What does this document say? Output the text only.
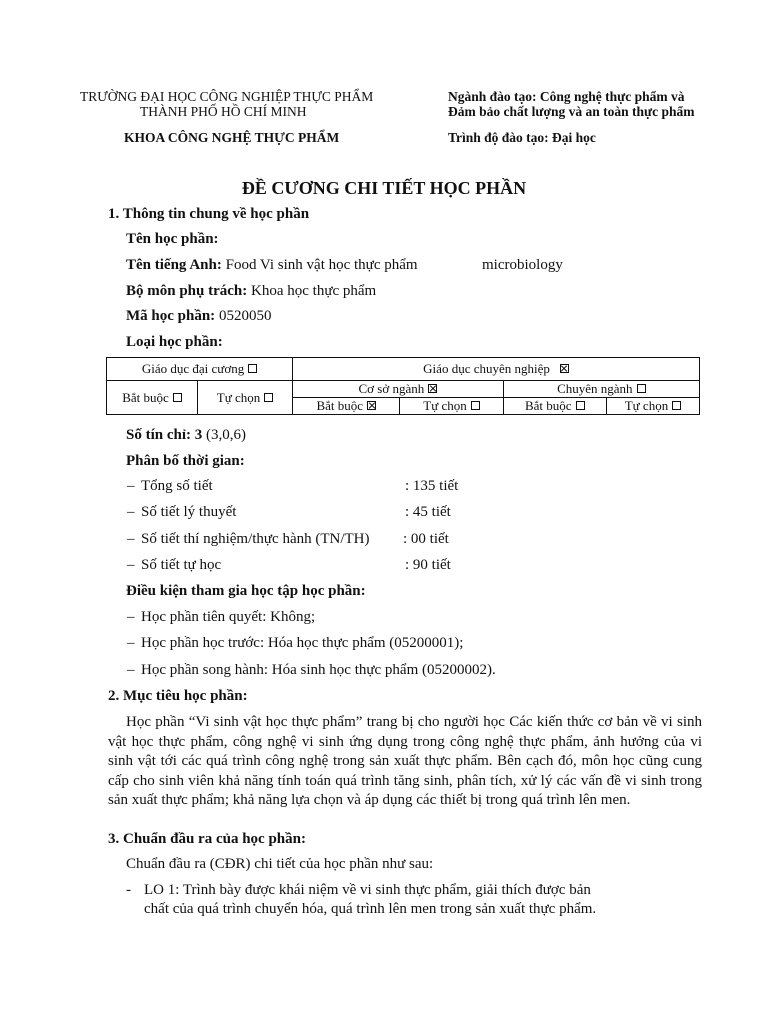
TRƯỜNG ĐẠI HỌC CÔNG NGHIỆP THỰC PHẨM
THÀNH PHỐ HỒ CHÍ MINH
KHOA CÔNG NGHỆ THỰC PHẨM
Ngành đào tạo: Công nghệ thực phẩm và
Đảm bảo chất lượng và an toàn thực phẩm
Trình độ đào tạo: Đại học
ĐỀ CƯƠNG CHI TIẾT HỌC PHẦN
1. Thông tin chung về học phần
Tên học phần:
Tên tiếng Anh: Food Vi sinh vật học thực phẩm	microbiology
Bộ môn phụ trách: Khoa học thực phẩm
Mã học phần: 0520050
Loại học phần:
Giáo dục đại cương		Giáo dục chuyên nghiệp			
Bắt buộc	Tự chọn	Cơ sở ngành		Chuyên ngành	
		Bắt buộc	Tự chọn	Bắt buộc	Tự chọn
Số tín chỉ: 3 (3,0,6)
Phân bố thời gian:
– Tổng số tiết	: 135 tiết
– Số tiết lý thuyết	: 45 tiết
– Số tiết thí nghiệm/thực hành (TN/TH) : 00 tiết
– Số tiết tự học	: 90 tiết
Điều kiện tham gia học tập học phần:
– Học phần tiên quyết: Không;
– Học phần học trước: Hóa học thực phẩm (05200001);
– Học phần song hành: Hóa sinh học thực phẩm (05200002).
2. Mục tiêu học phần:
Học phần “Vi sinh vật học thực phẩm” trang bị cho người học Các kiến thức cơ bản về vi sinh vật học thực phẩm, công nghệ vi sinh ứng dụng trong công nghệ thực phẩm, ảnh hưởng của vi sinh vật tới các quá trình công nghệ trong sản xuất thực phẩm. Bên cạch đó, môn học cũng cung cấp cho sinh viên khả năng tính toán quá trình tăng sinh, phân tích, xử lý các vấn đề vi sinh trong sản xuất thực phẩm; khả năng lựa chọn và áp dụng các thiết bị trong quá trình lên men.
3. Chuẩn đầu ra của học phần:
Chuẩn đầu ra (CĐR) chi tiết của học phần như sau:
- LO 1: Trình bày được khái niệm về vi sinh thực phẩm, giải thích được bản
chất của quá trình chuyển hóa, quá trình lên men trong sản xuất thực phẩm.
